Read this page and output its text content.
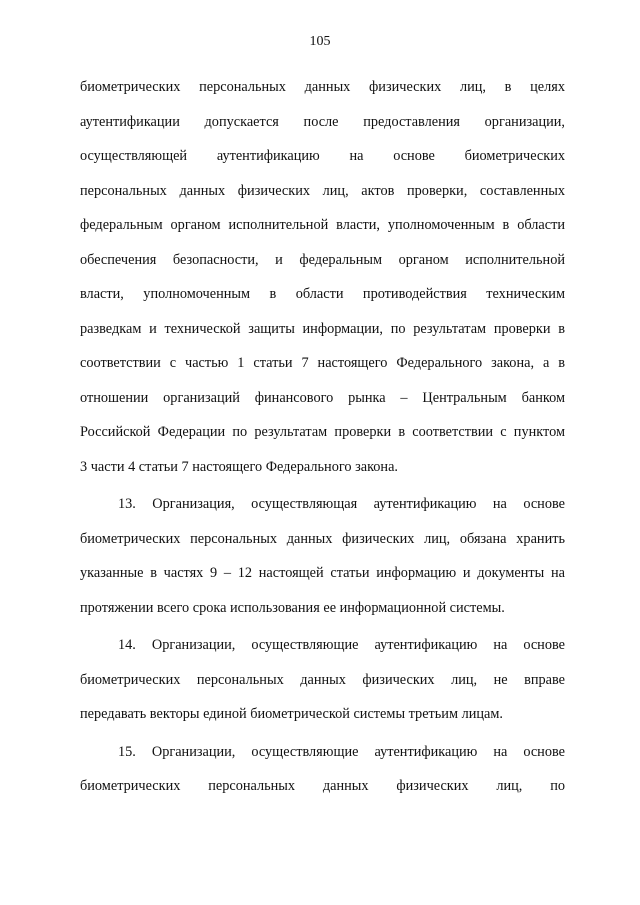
105
биометрических персональных данных физических лиц, в целях
аутентификации допускается после предоставления организации,
осуществляющей аутентификацию на основе биометрических
персональных данных физических лиц, актов проверки, составленных
федеральным органом исполнительной власти, уполномоченным в области
обеспечения безопасности, и федеральным органом исполнительной
власти, уполномоченным в области противодействия техническим
разведкам и технической защиты информации, по результатам проверки в
соответствии с частью 1 статьи 7 настоящего Федерального закона, а в
отношении организаций финансового рынка – Центральным банком
Российской Федерации по результатам проверки в соответствии с пунктом
3 части 4 статьи 7 настоящего Федерального закона.
13. Организация, осуществляющая аутентификацию на основе
биометрических персональных данных физических лиц, обязана хранить
указанные в частях 9 – 12 настоящей статьи информацию и документы на
протяжении всего срока использования ее информационной системы.
14. Организации, осуществляющие аутентификацию на основе
биометрических персональных данных физических лиц, не вправе
передавать векторы единой биометрической системы третьим лицам.
15. Организации, осуществляющие аутентификацию на основе
биометрических персональных данных физических лиц, по
